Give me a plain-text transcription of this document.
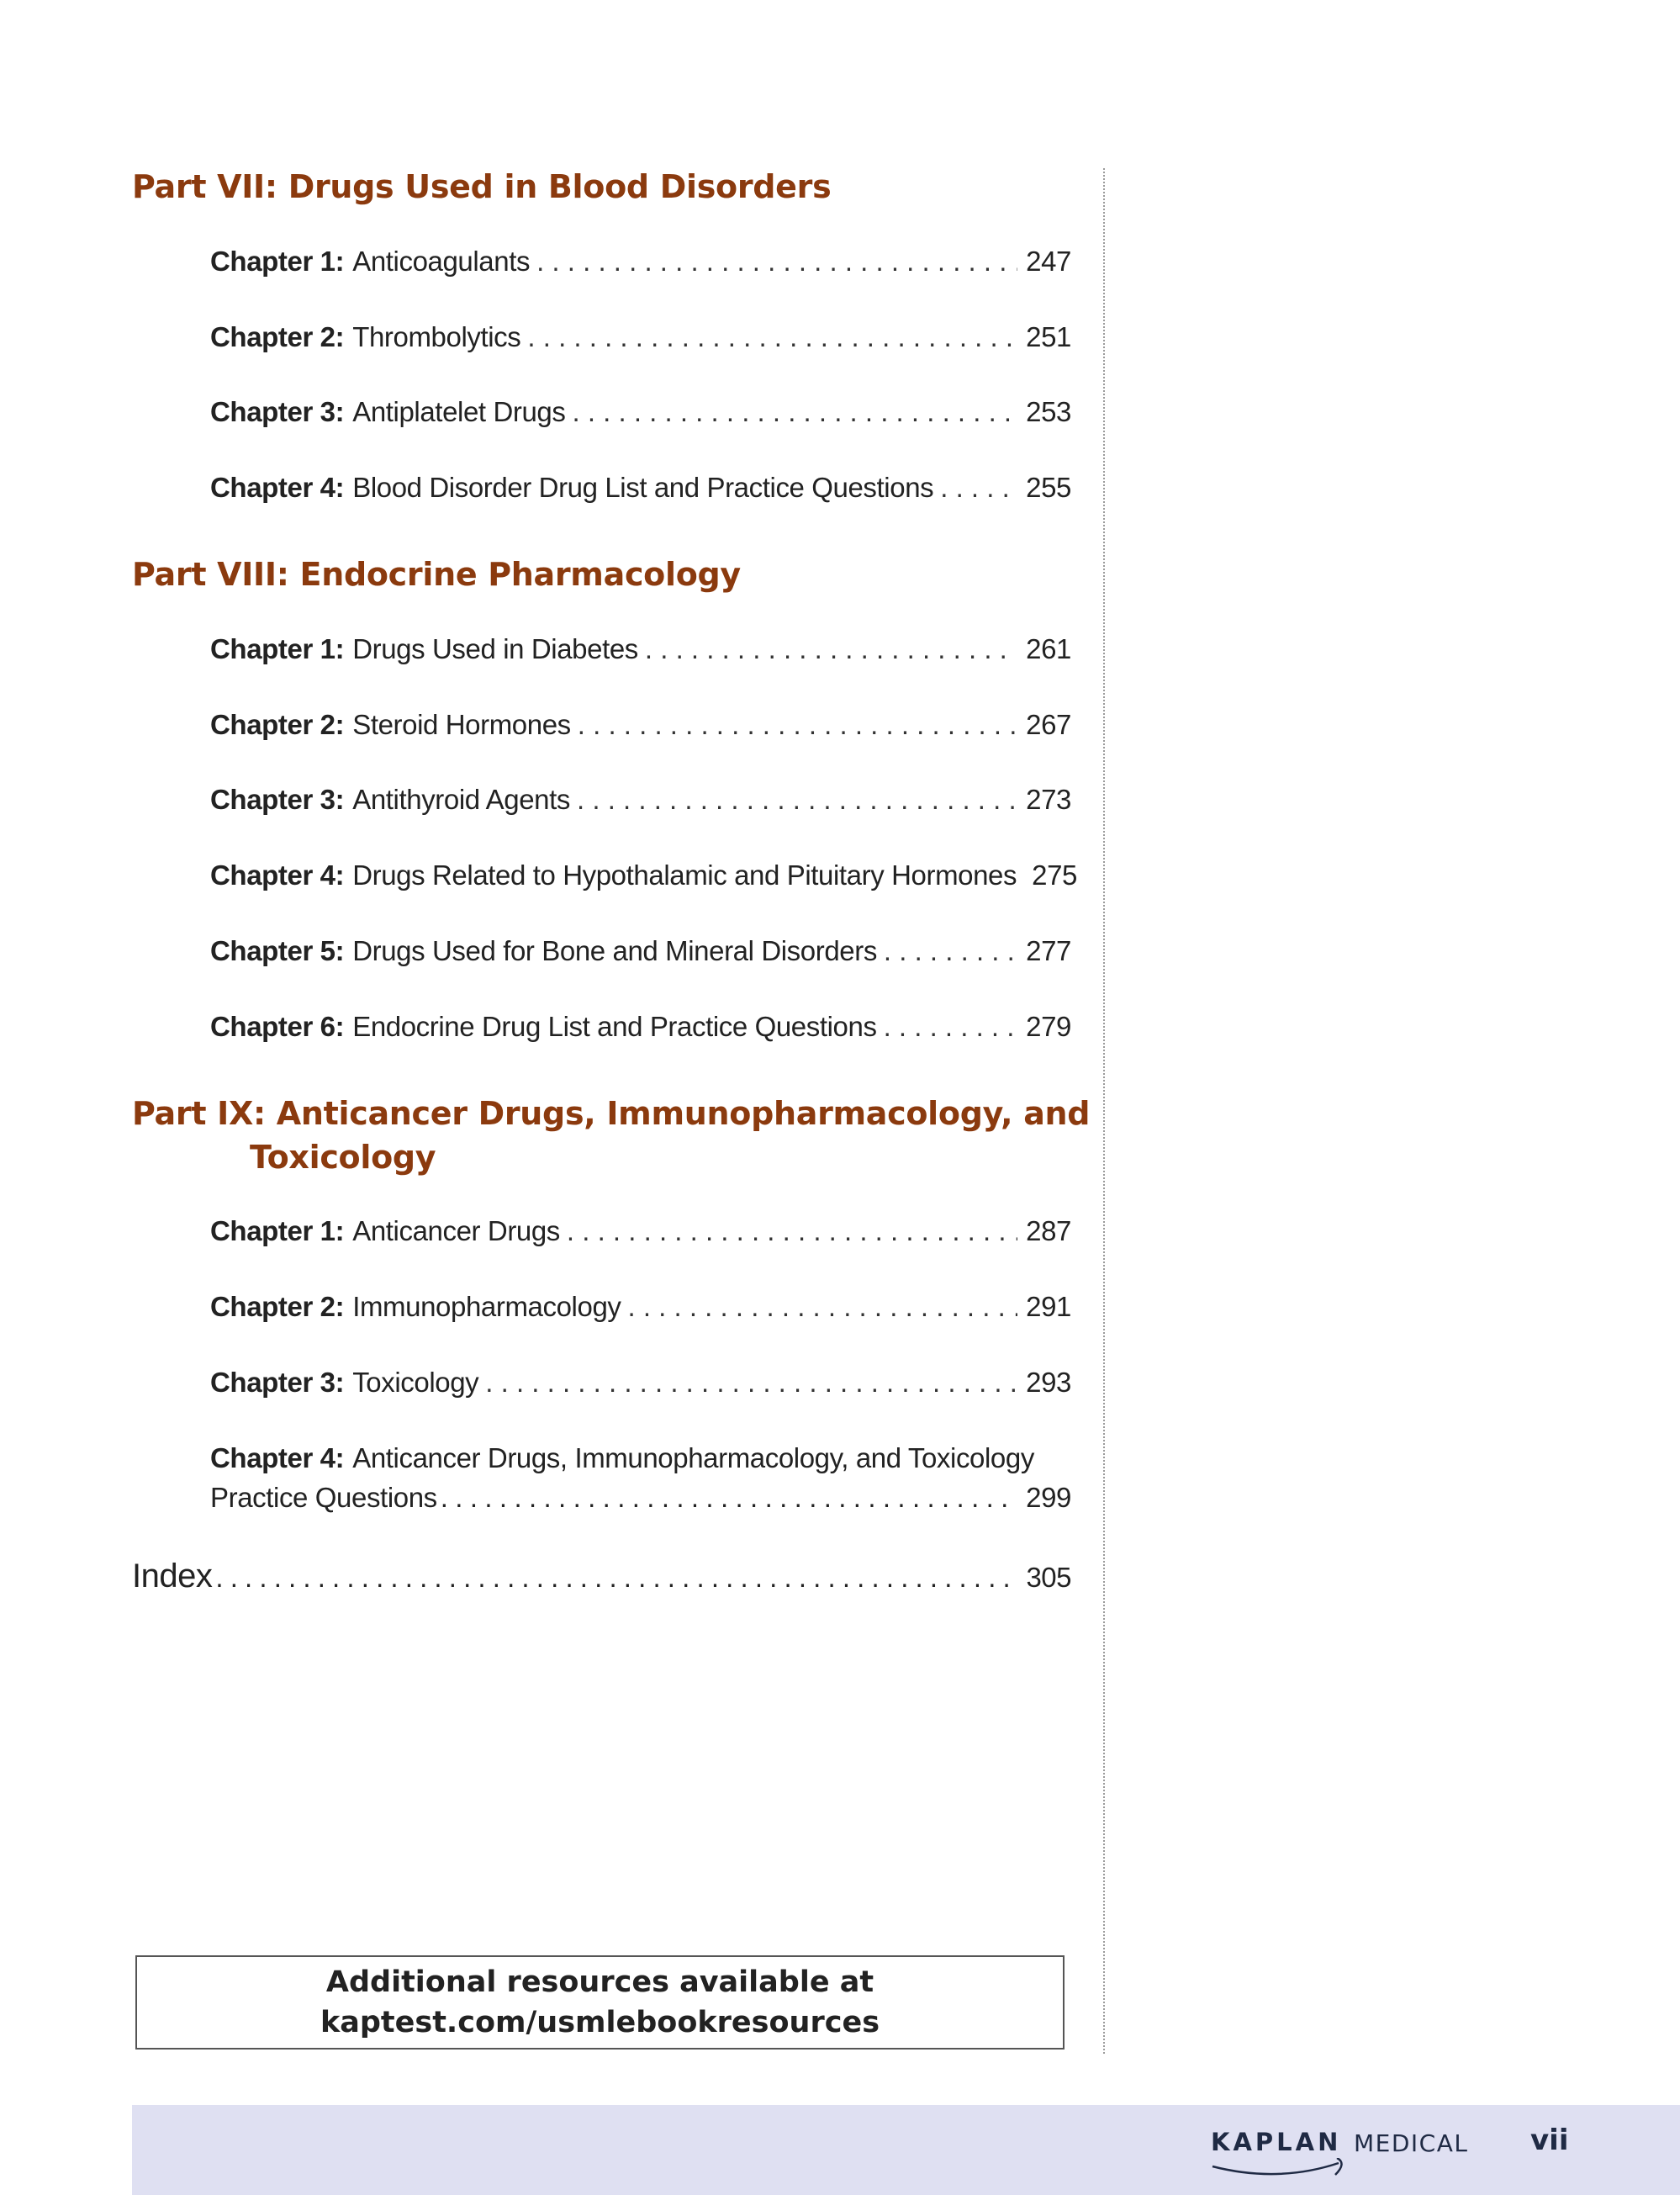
Part VII: Drugs Used in Blood Disorders
Chapter 1: Anticoagulants . . .	247
Chapter 2: Thrombolytics . . .	251
Chapter 3: Antiplatelet Drugs . . .	253
Chapter 4: Blood Disorder Drug List and Practice Questions . . .	255
Part VIII: Endocrine Pharmacology
Chapter 1: Drugs Used in Diabetes . . .	261
Chapter 2: Steroid Hormones . . .	267
Chapter 3: Antithyroid Agents . . .	273
Chapter 4: Drugs Related to Hypothalamic and Pituitary Hormones 275
Chapter 5: Drugs Used for Bone and Mineral Disorders . . .	277
Chapter 6: Endocrine Drug List and Practice Questions . . .	279
Part IX: Anticancer Drugs, Immunopharmacology, and
Toxicology
Chapter 1: Anticancer Drugs . . .	287
Chapter 2: Immunopharmacology . . .	291
Chapter 3: Toxicology . . .	293
Chapter 4: Anticancer Drugs, Immunopharmacology, and Toxicology
Practice Questions . . .	299
Index . . .	305
Additional resources available at
kaptest.com/usmlebookresources
KAPLAN MEDICAL vii
